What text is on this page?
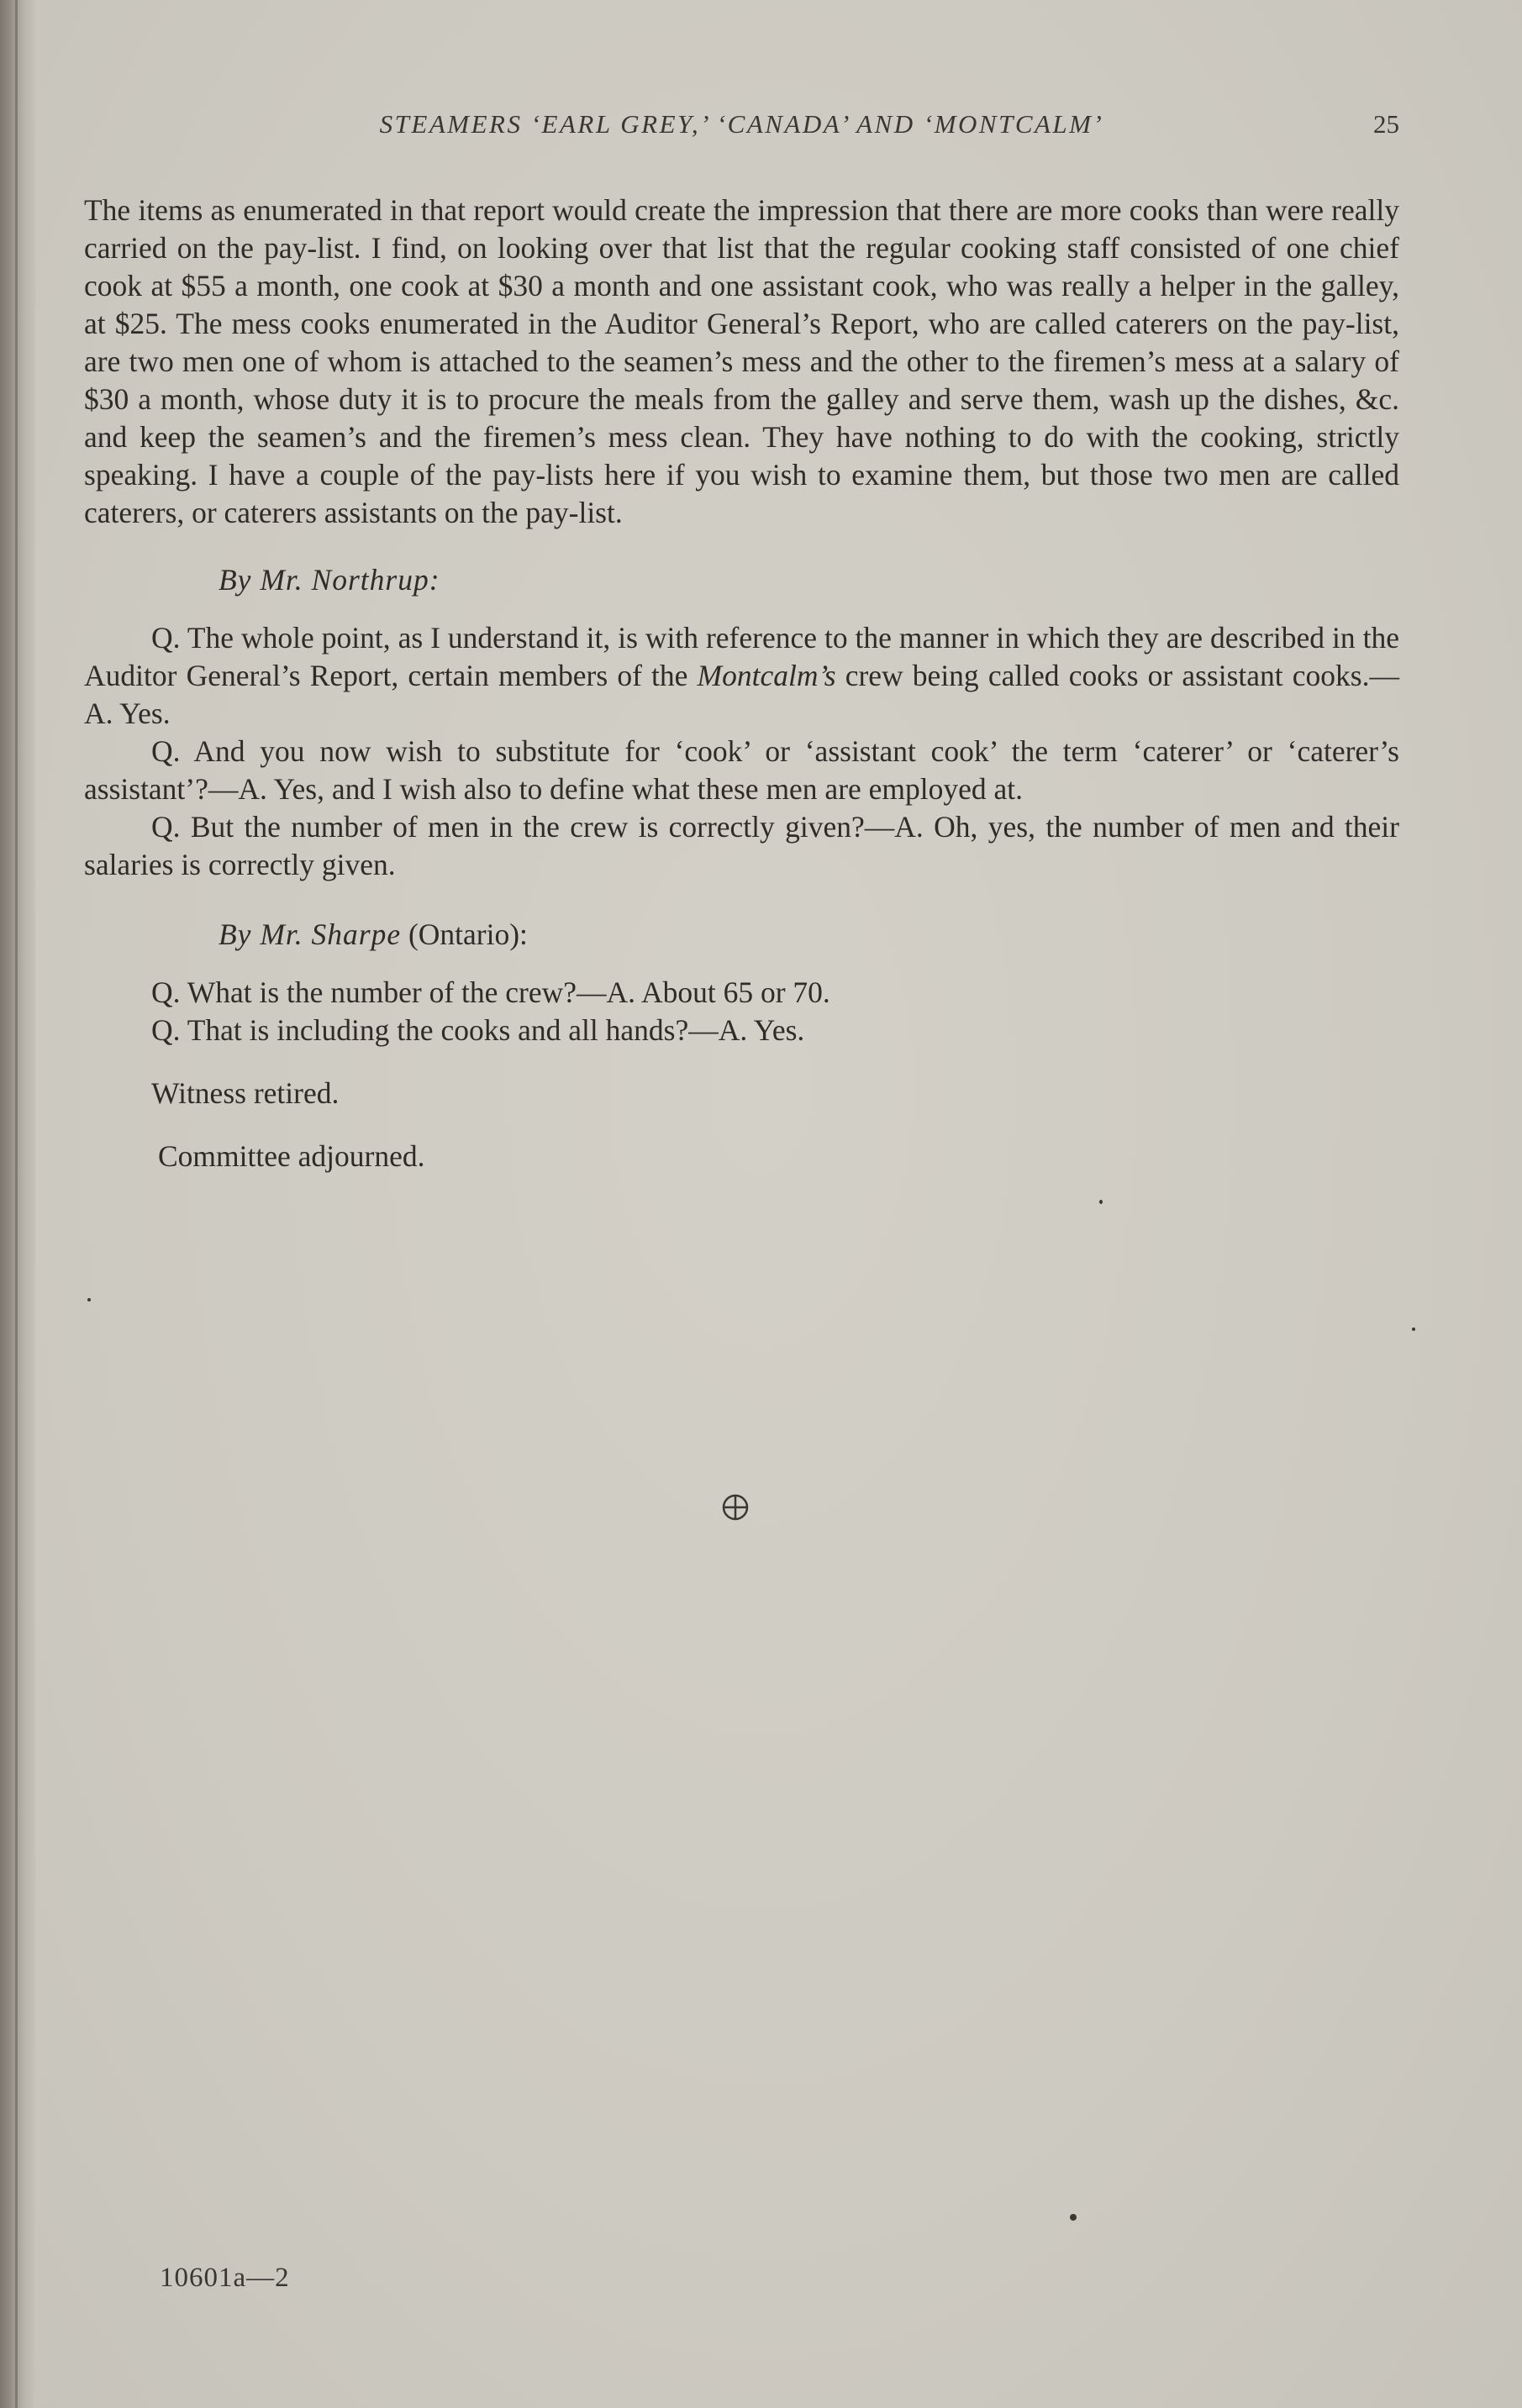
STEAMERS ‘EARL GREY,’ ‘CANADA’ AND ‘MONTCALM’	25

The items as enumerated in that report would create the impression that there are more cooks than were really carried on the pay-list. I find, on looking over that list that the regular cooking staff consisted of one chief cook at $55 a month, one cook at $30 a month and one assistant cook, who was really a helper in the galley, at $25. The mess cooks enumerated in the Auditor General’s Report, who are called caterers on the pay-list, are two men one of whom is attached to the seamen’s mess and the other to the firemen’s mess at a salary of $30 a month, whose duty it is to procure the meals from the galley and serve them, wash up the dishes, &c. and keep the seamen’s and the firemen’s mess clean. They have nothing to do with the cooking, strictly speaking. I have a couple of the pay-lists here if you wish to examine them, but those two men are called caterers, or caterers assistants on the pay-list.

By Mr. Northrup:

Q. The whole point, as I understand it, is with reference to the manner in which they are described in the Auditor General’s Report, certain members of the Montcalm’s crew being called cooks or assistant cooks.—A. Yes.

Q. And you now wish to substitute for ‘cook’ or ‘assistant cook’ the term ‘caterer’ or ‘caterer’s assistant’?—A. Yes, and I wish also to define what these men are employed at.

Q. But the number of men in the crew is correctly given?—A. Oh, yes, the number of men and their salaries is correctly given.

By Mr. Sharpe (Ontario):

Q. What is the number of the crew?—A. About 65 or 70.

Q. That is including the cooks and all hands?—A. Yes.

Witness retired.

Committee adjourned.

10601a—2
